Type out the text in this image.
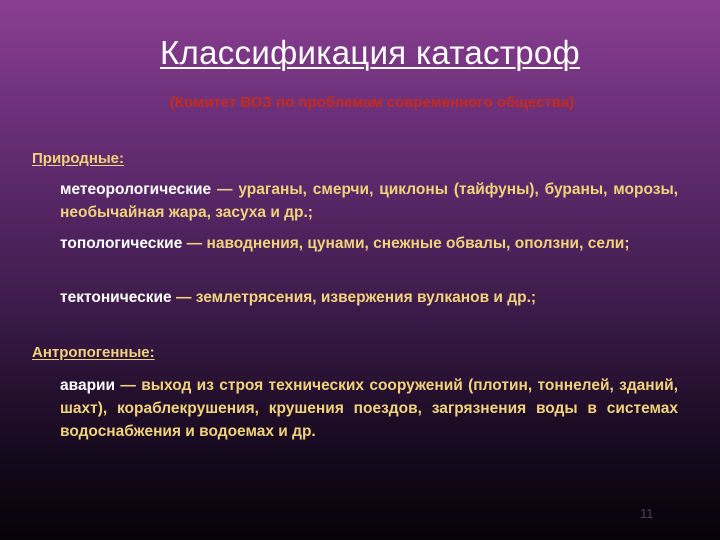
Классификация катастроф
(Комитет ВОЗ по проблемам современного общества)
Природные:
метеорологические — ураганы, смерчи, циклоны (тайфуны), бураны, морозы, необычайная жара, засуха и др.;
топологические — наводнения, цунами, снежные обвалы, оползни, сели;
тектонические — землетрясения, извержения вулканов и др.;
Антропогенные:
аварии — выход из строя технических сооружений (плотин, тоннелей, зданий, шахт), кораблекрушения, крушения поездов, загрязнения воды в системах водоснабжения и водоемах и др.
11
